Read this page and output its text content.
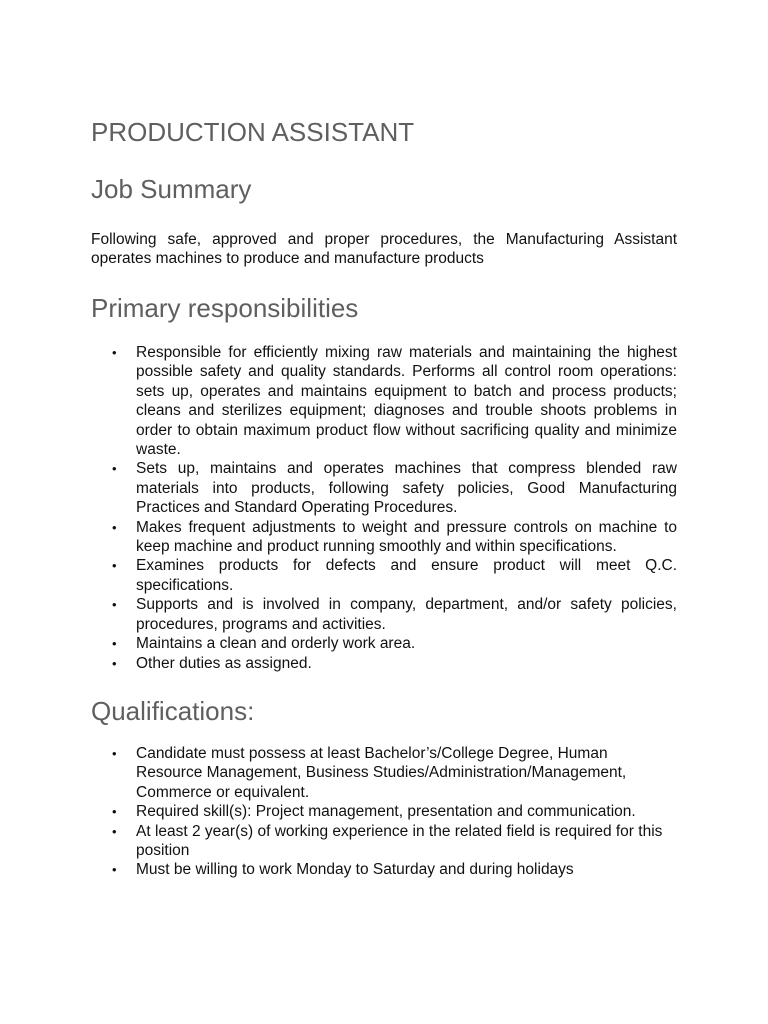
PRODUCTION ASSISTANT
Job Summary

Following safe, approved and proper procedures, the Manufacturing Assistant operates machines to produce and manufacture products

Primary responsibilities
• Responsible for efficiently mixing raw materials and maintaining the highest possible safety and quality standards. Performs all control room operations: sets up, operates and maintains equipment to batch and process products; cleans and sterilizes equipment; diagnoses and trouble shoots problems in order to obtain maximum product flow without sacrificing quality and minimize waste.
• Sets up, maintains and operates machines that compress blended raw materials into products, following safety policies, Good Manufacturing Practices and Standard Operating Procedures.
• Makes frequent adjustments to weight and pressure controls on machine to keep machine and product running smoothly and within specifications.
• Examines products for defects and ensure product will meet Q.C. specifications.
• Supports and is involved in company, department, and/or safety policies, procedures, programs and activities.
• Maintains a clean and orderly work area.
• Other duties as assigned.
Qualifications:
• Candidate must possess at least Bachelor’s/College Degree, Human Resource Management, Business Studies/Administration/Management, Commerce or equivalent.
• Required skill(s): Project management, presentation and communication.
• At least 2 year(s) of working experience in the related field is required for this position
• Must be willing to work Monday to Saturday and during holidays
